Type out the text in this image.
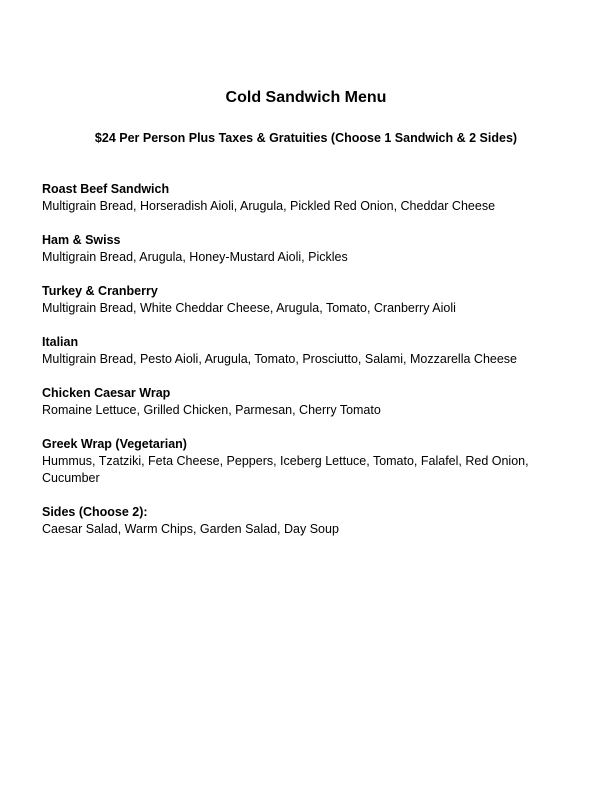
Cold Sandwich Menu
$24 Per Person Plus Taxes & Gratuities (Choose 1 Sandwich & 2 Sides)
Roast Beef Sandwich
Multigrain Bread, Horseradish Aioli, Arugula, Pickled Red Onion, Cheddar Cheese
Ham & Swiss
Multigrain Bread, Arugula, Honey-Mustard Aioli, Pickles
Turkey & Cranberry
Multigrain Bread, White Cheddar Cheese, Arugula, Tomato, Cranberry Aioli
Italian
Multigrain Bread, Pesto Aioli, Arugula, Tomato, Prosciutto, Salami, Mozzarella Cheese
Chicken Caesar Wrap
Romaine Lettuce, Grilled Chicken, Parmesan, Cherry Tomato
Greek Wrap (Vegetarian)
Hummus, Tzatziki, Feta Cheese, Peppers, Iceberg Lettuce, Tomato, Falafel, Red Onion, Cucumber
Sides (Choose 2):
Caesar Salad, Warm Chips, Garden Salad, Day Soup
